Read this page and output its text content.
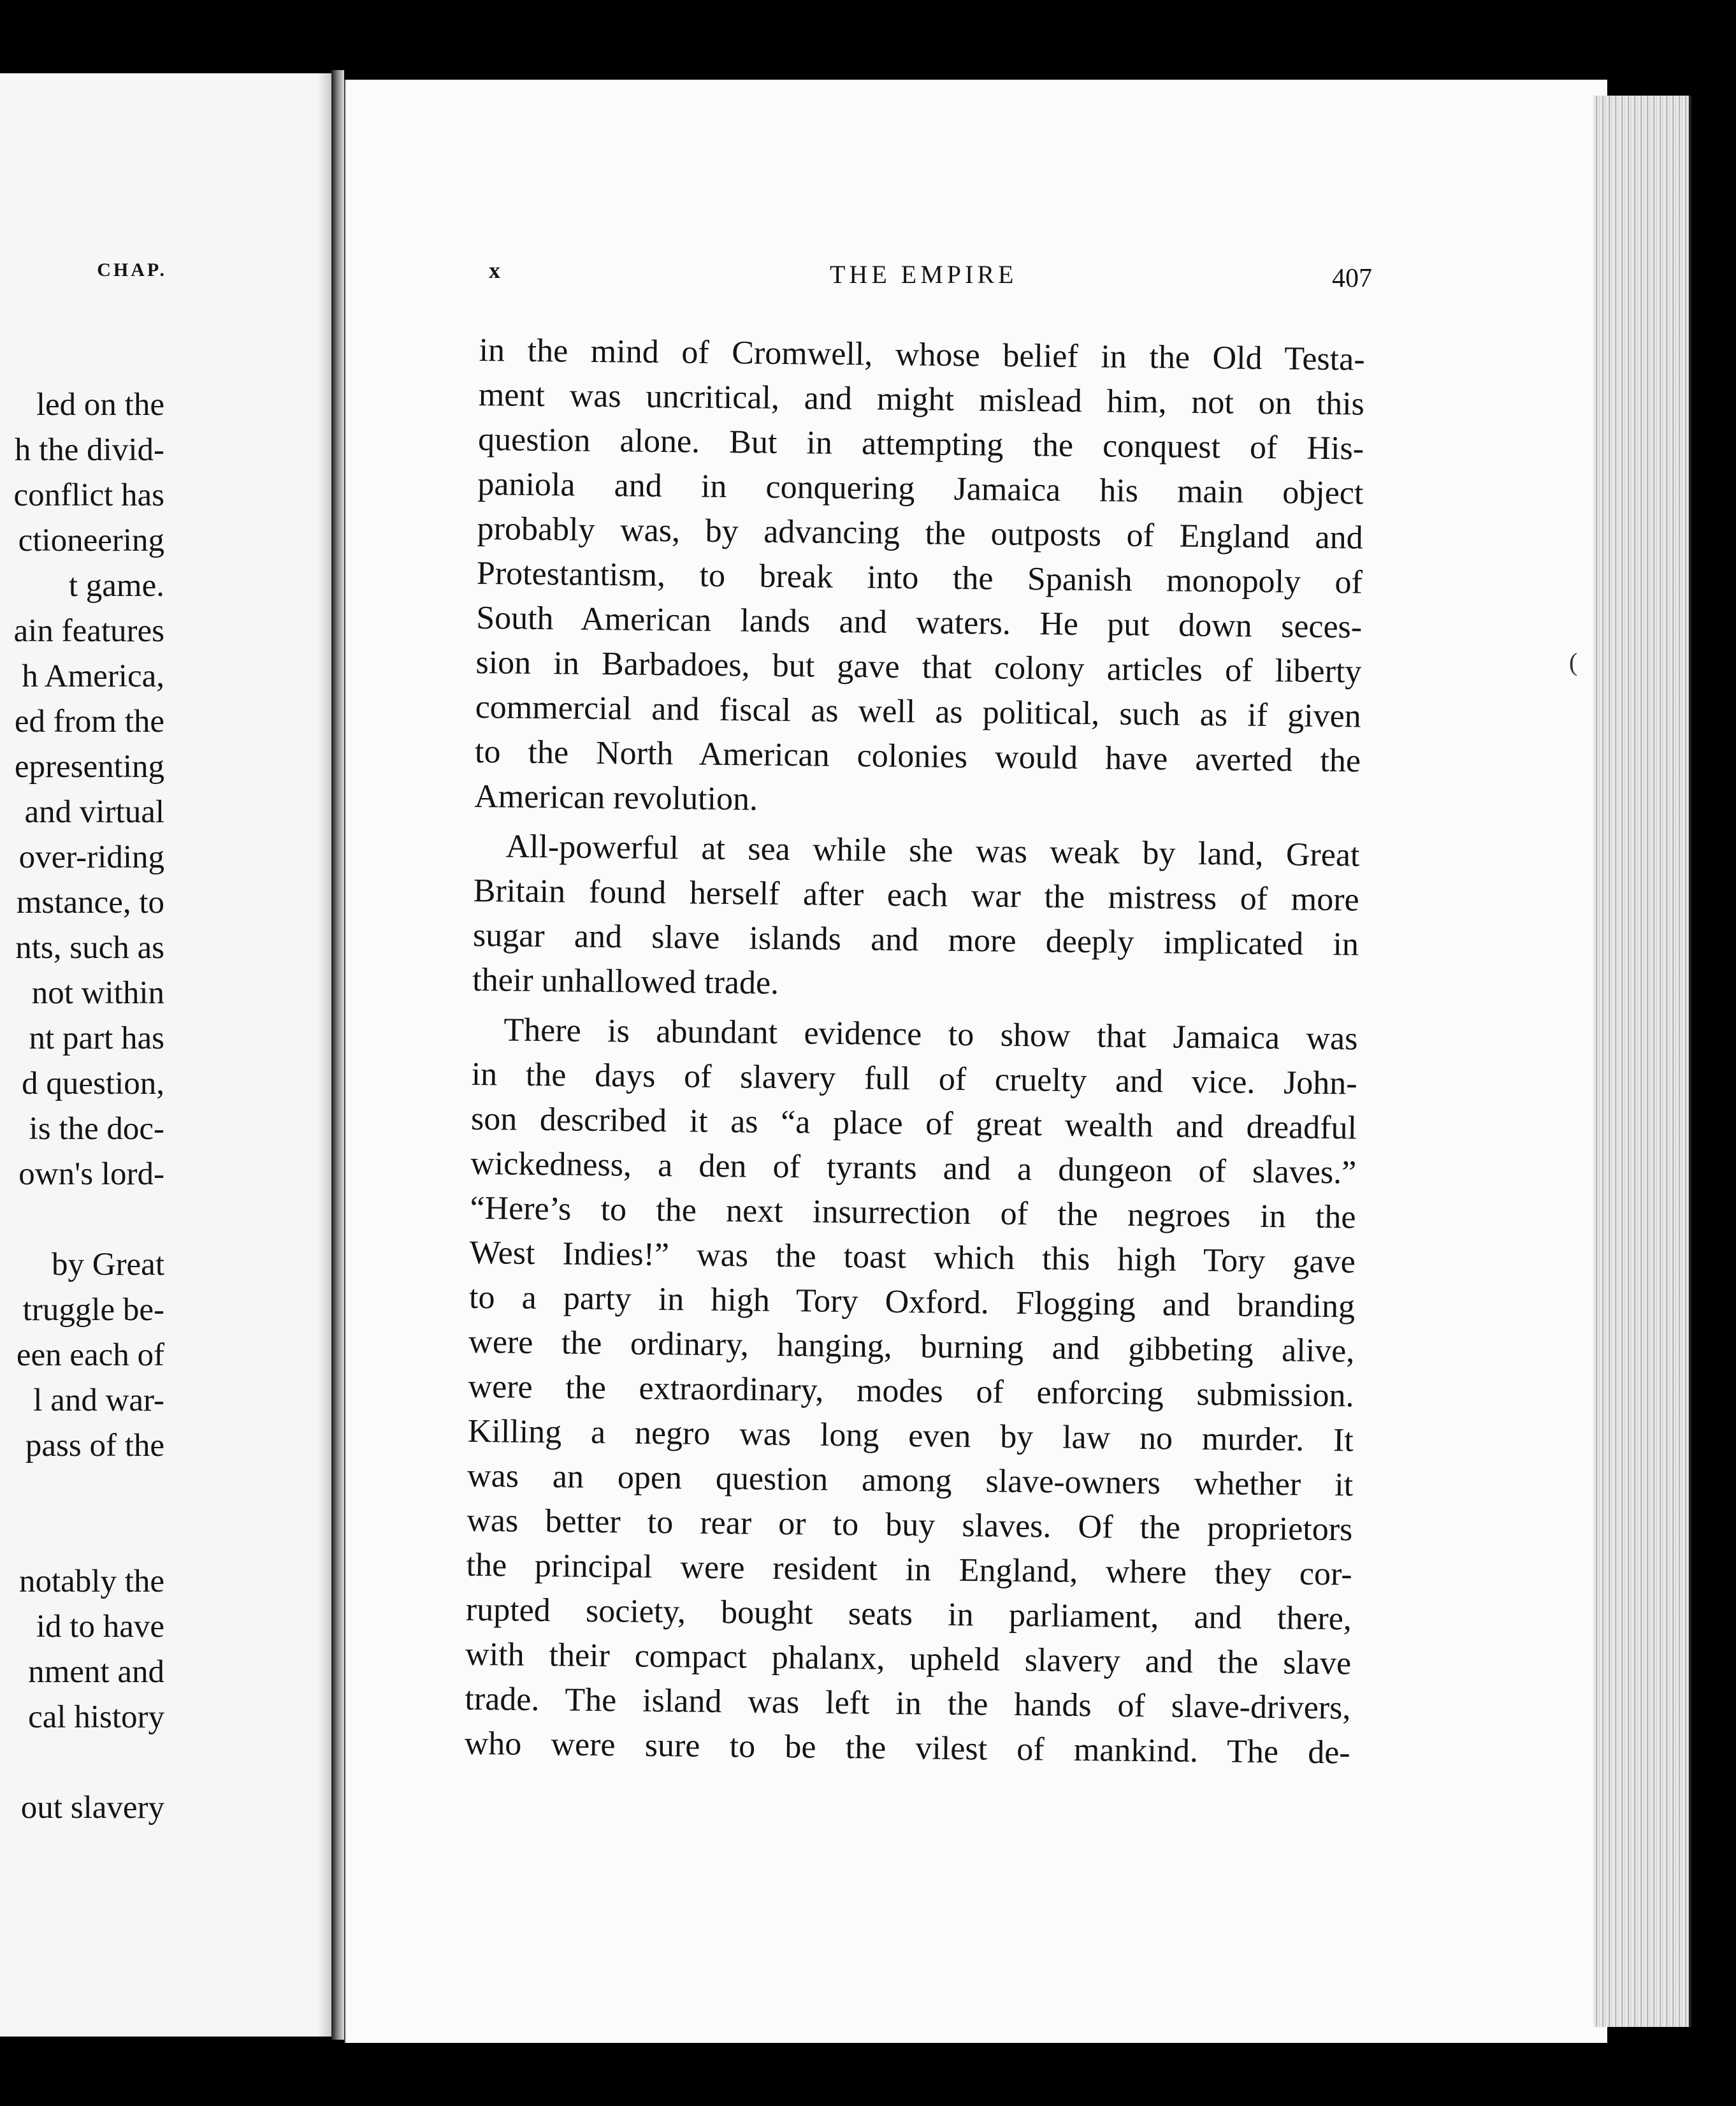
CHAP.
led on the
h the divid-
conflict has
ctioneering
t game.
ain features
h America,
ed from the
epresenting
and virtual
over-riding
mstance, to
nts, such as
not within
nt part has
d question,
is the doc-
own's lord-
by Great
truggle be-
een each of
l and war-
pass of the
notably the
id to have
nment and
cal history
out slavery
x	THE EMPIRE	407

in the mind of Cromwell, whose belief in the Old Testa-
ment was uncritical, and might mislead him, not on this
question alone. But in attempting the conquest of His-
paniola and in conquering Jamaica his main object
probably was, by advancing the outposts of England and
Protestantism, to break into the Spanish monopoly of
South American lands and waters. He put down seces-
sion in Barbadoes, but gave that colony articles of liberty
commercial and fiscal as well as political, such as if given
to the North American colonies would have averted the
American revolution.

All-powerful at sea while she was weak by land, Great
Britain found herself after each war the mistress of more
sugar and slave islands and more deeply implicated in
their unhallowed trade.

There is abundant evidence to show that Jamaica was
in the days of slavery full of cruelty and vice. John-
son described it as “a place of great wealth and dreadful
wickedness, a den of tyrants and a dungeon of slaves.”
“Here’s to the next insurrection of the negroes in the
West Indies!” was the toast which this high Tory gave
to a party in high Tory Oxford. Flogging and branding
were the ordinary, hanging, burning and gibbeting alive,
were the extraordinary, modes of enforcing submission.
Killing a negro was long even by law no murder. It
was an open question among slave-owners whether it
was better to rear or to buy slaves. Of the proprietors
the principal were resident in England, where they cor-
rupted society, bought seats in parliament, and there,
with their compact phalanx, upheld slavery and the slave
trade. The island was left in the hands of slave-drivers,
who were sure to be the vilest of mankind. The de-

(
